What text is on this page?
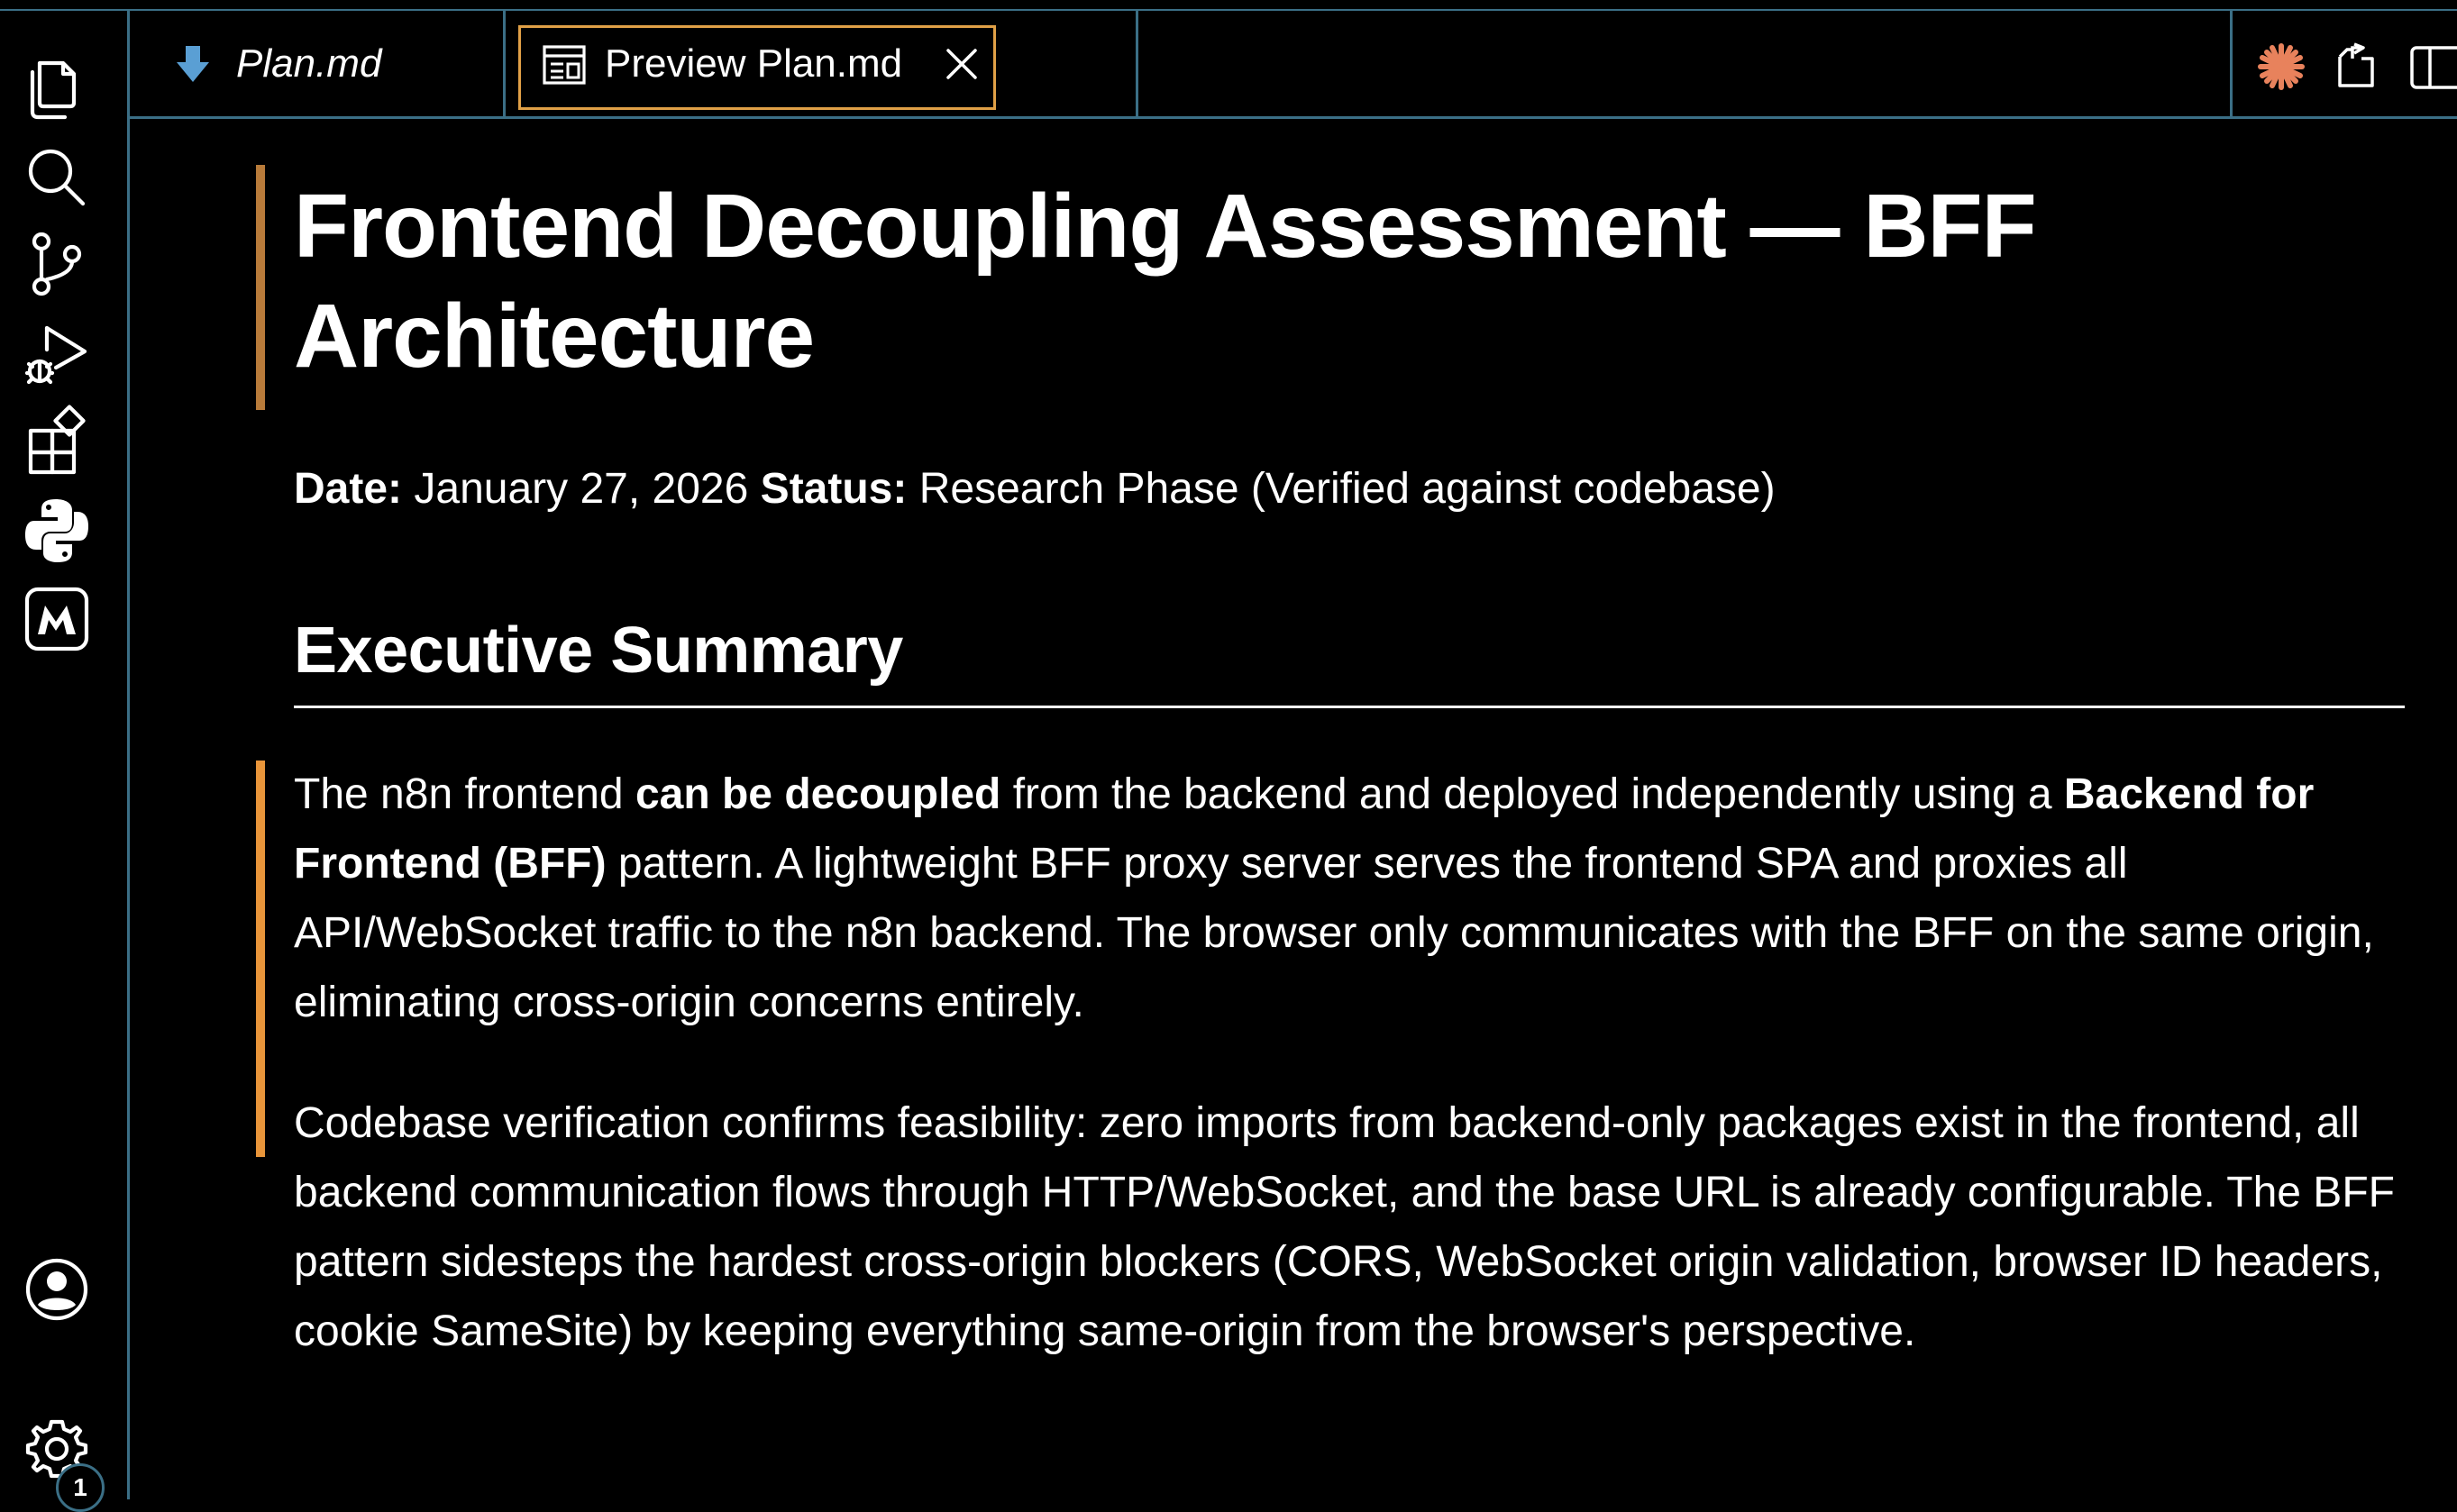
1
Plan.md	Preview Plan.md
Frontend Decoupling Assessment — BFF Architecture
Date: January 27, 2026 Status: Research Phase (Verified against codebase)
Executive Summary

The n8n frontend can be decoupled from the backend and deployed independently using a Backend for Frontend (BFF) pattern. A lightweight BFF proxy server serves the frontend SPA and proxies all API/WebSocket traffic to the n8n backend. The browser only communicates with the BFF on the same origin, eliminating cross-origin concerns entirely.

Codebase verification confirms feasibility: zero imports from backend-only packages exist in the frontend, all backend communication flows through HTTP/WebSocket, and the base URL is already configurable. The BFF pattern sidesteps the hardest cross-origin blockers (CORS, WebSocket origin validation, browser ID headers, cookie SameSite) by keeping everything same-origin from the browser's perspective.
